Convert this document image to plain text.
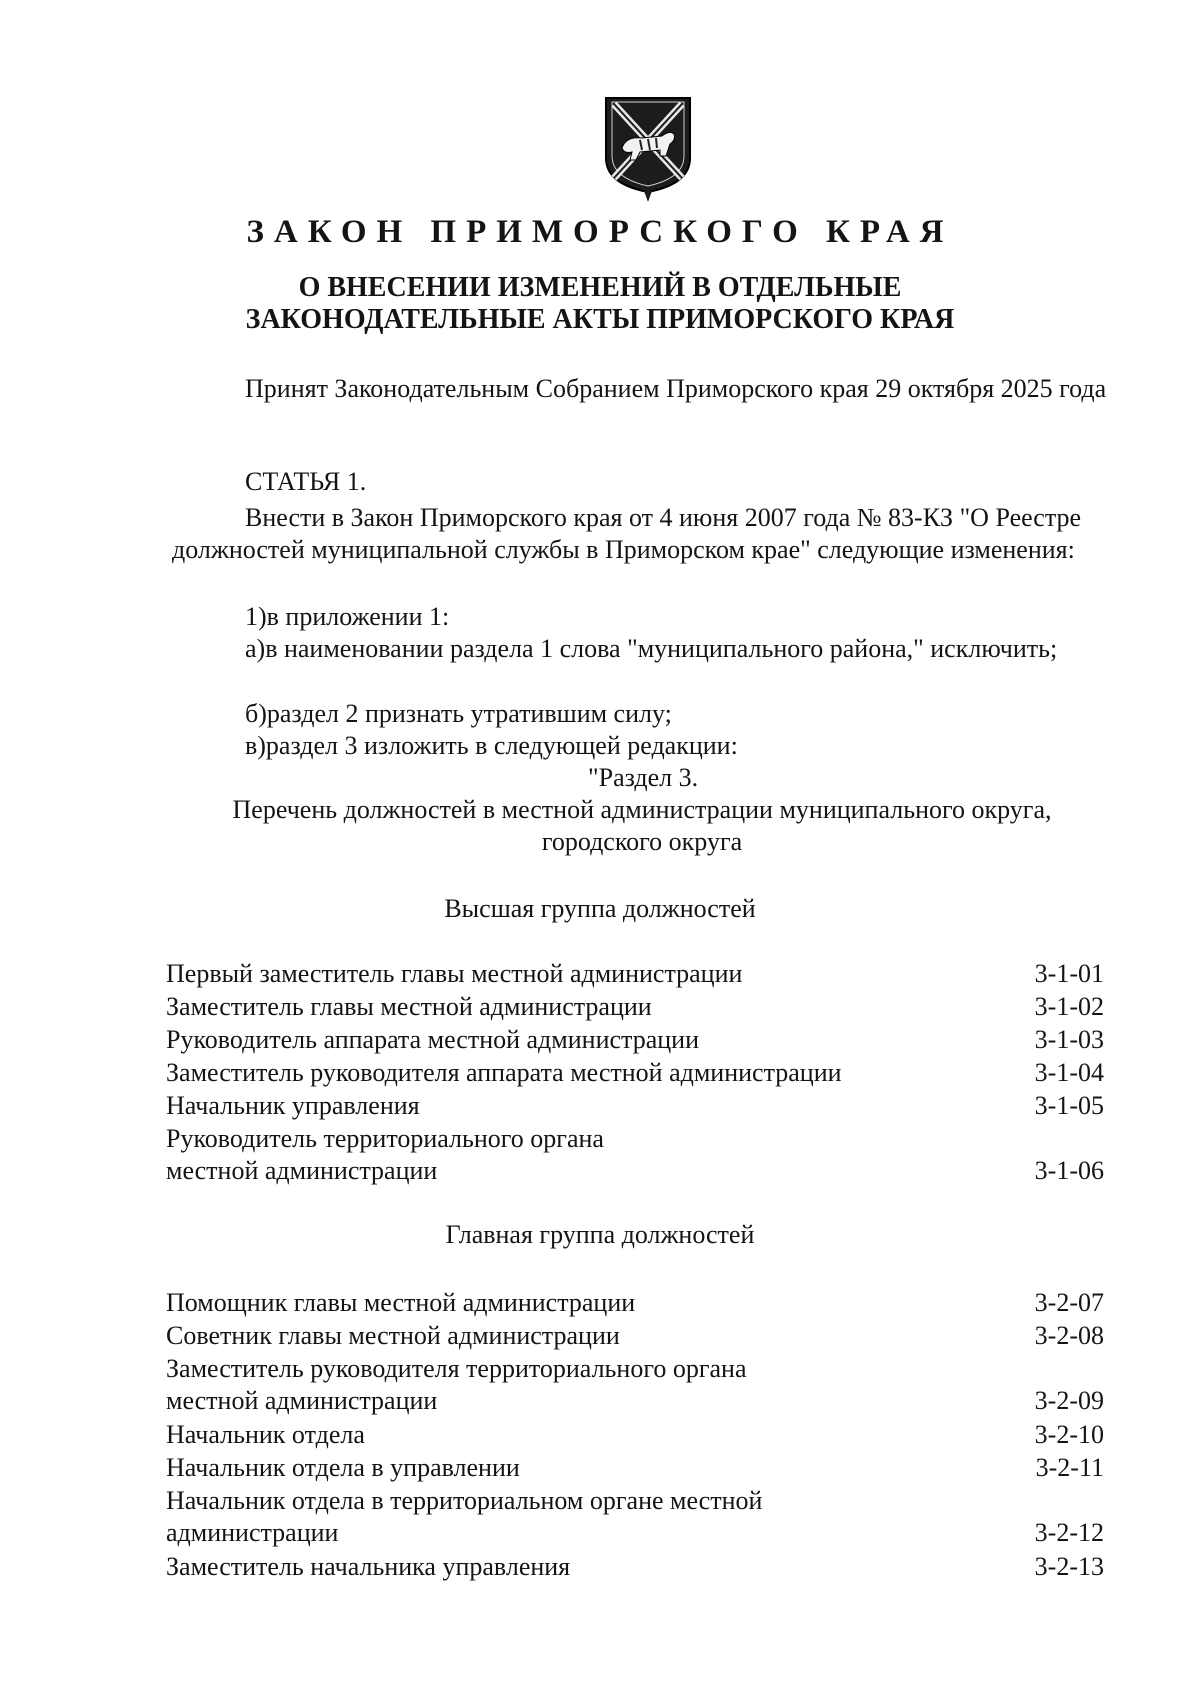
ЗАКОН ПРИМОРСКОГО КРАЯ
О ВНЕСЕНИИ ИЗМЕНЕНИЙ В ОТДЕЛЬНЫЕ
ЗАКОНОДАТЕЛЬНЫЕ АКТЫ ПРИМОРСКОГО КРАЯ
Принят Законодательным Собранием Приморского края 29 октября 2025 года
СТАТЬЯ 1.
Внести в Закон Приморского края от 4 июня 2007 года № 83-КЗ "О Реестре должностей муниципальной службы в Приморском крае" следующие изменения:
1)в приложении 1:
а)в наименовании раздела 1 слова "муниципального района," исключить;
б)раздел 2 признать утратившим силу;
в)раздел 3 изложить в следующей редакции:
"Раздел 3.
Перечень должностей в местной администрации муниципального округа,
городского округа
Высшая группа должностей
Первый заместитель главы местной администрации	3-1-01
Заместитель главы местной администрации	3-1-02
Руководитель аппарата местной администрации	3-1-03
Заместитель руководителя аппарата местной администрации	3-1-04
Начальник управления	3-1-05
Руководитель территориального органа местной администрации	3-1-06
Главная группа должностей
Помощник главы местной администрации	3-2-07
Советник главы местной администрации	3-2-08
Заместитель руководителя территориального органа местной администрации	3-2-09
Начальник отдела	3-2-10
Начальник отдела в управлении	3-2-11
Начальник отдела в территориальном органе местной администрации	3-2-12
Заместитель начальника управления	3-2-13
